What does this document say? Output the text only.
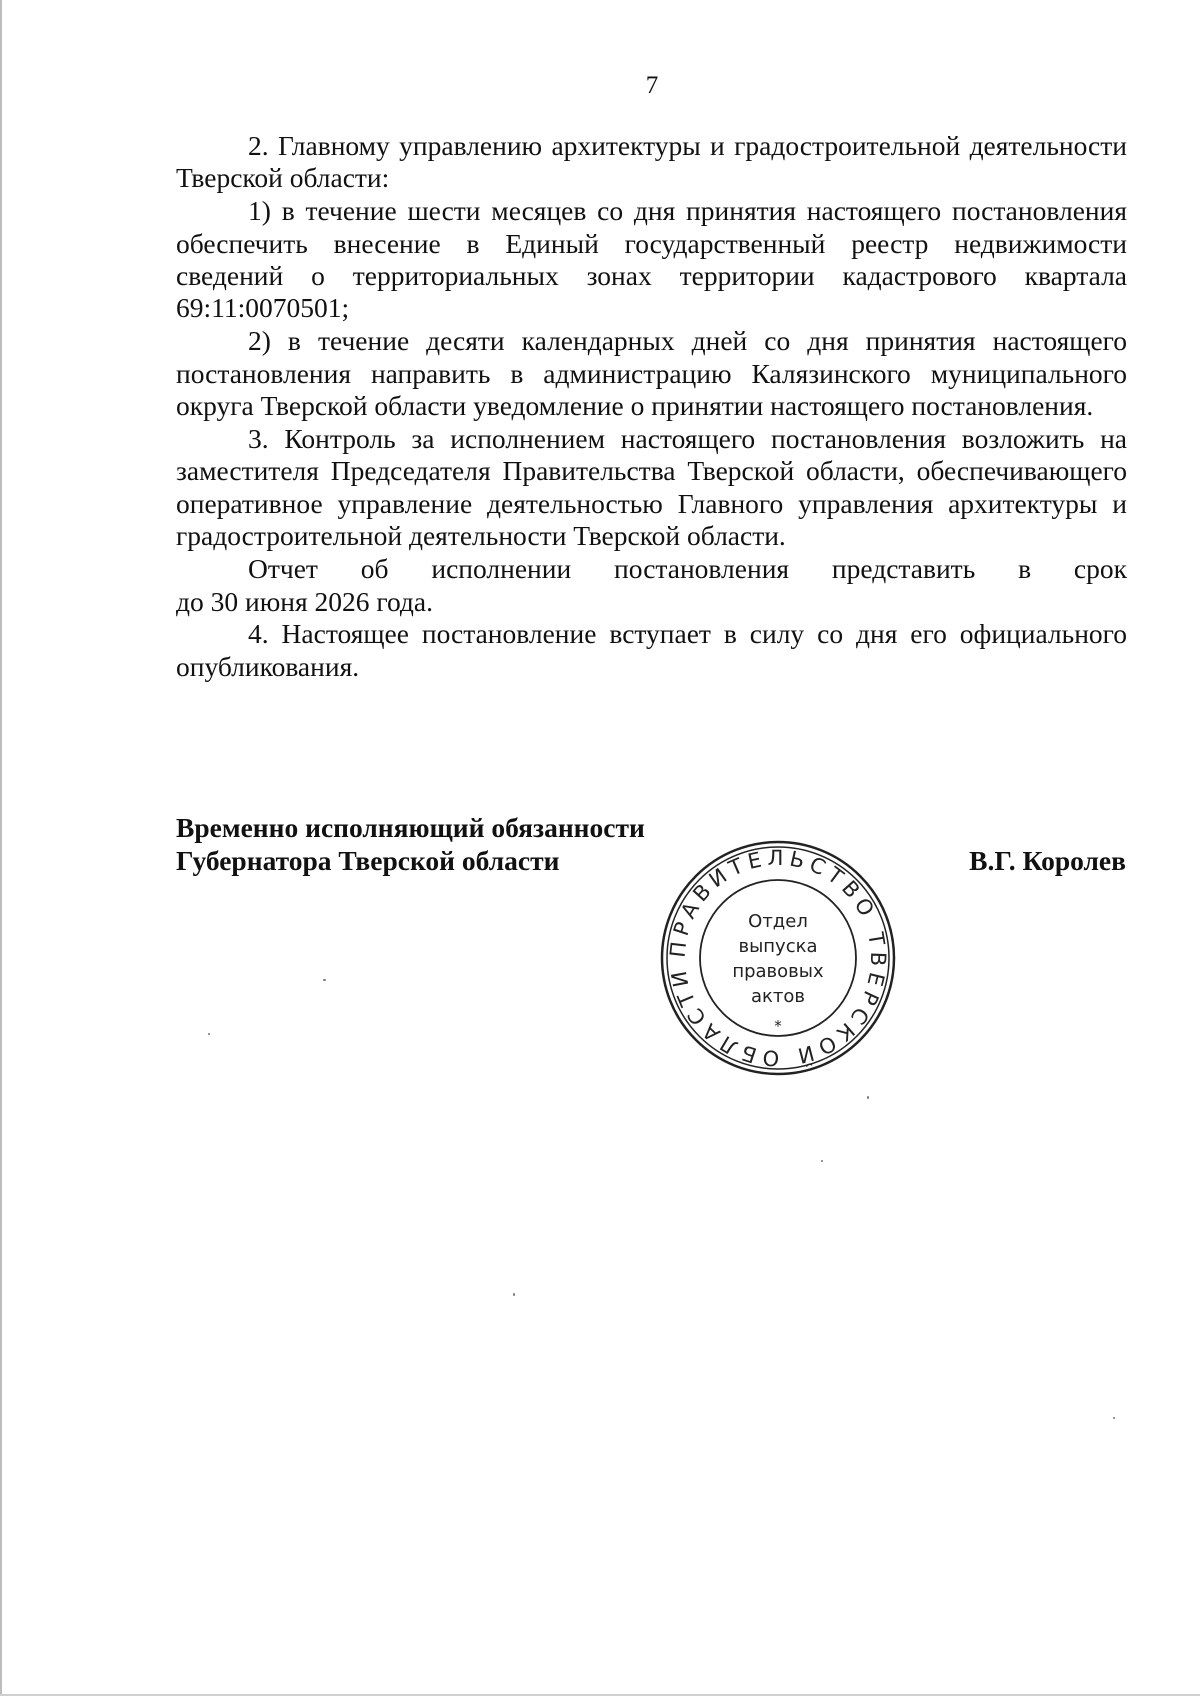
7

2. Главному управлению архитектуры и градостроительной деятельности Тверской области:

1) в течение шести месяцев со дня принятия настоящего постановления обеспечить внесение в Единый государственный реестр недвижимости сведений о территориальных зонах территории кадастрового квартала 69:11:0070501;

2) в течение десяти календарных дней со дня принятия настоящего постановления направить в администрацию Калязинского муниципального округа Тверской области уведомление о принятии настоящего постановления.

3. Контроль за исполнением настоящего постановления возложить на заместителя Председателя Правительства Тверской области, обеспечивающего оперативное управление деятельностью Главного управления архитектуры и градостроительной деятельности Тверской области.

Отчет об исполнении постановления представить в срок

до 30 июня 2026 года.

4. Настоящее постановление вступает в силу со дня его официального опубликования.

Временно исполняющий обязанности
Губернатора Тверской области	В.Г. Королев
ПРАВИТЕЛЬСТВО ТВЕРСКОЙ ОБЛАСТИ
*
Отдел
выпуска
правовых
актов
